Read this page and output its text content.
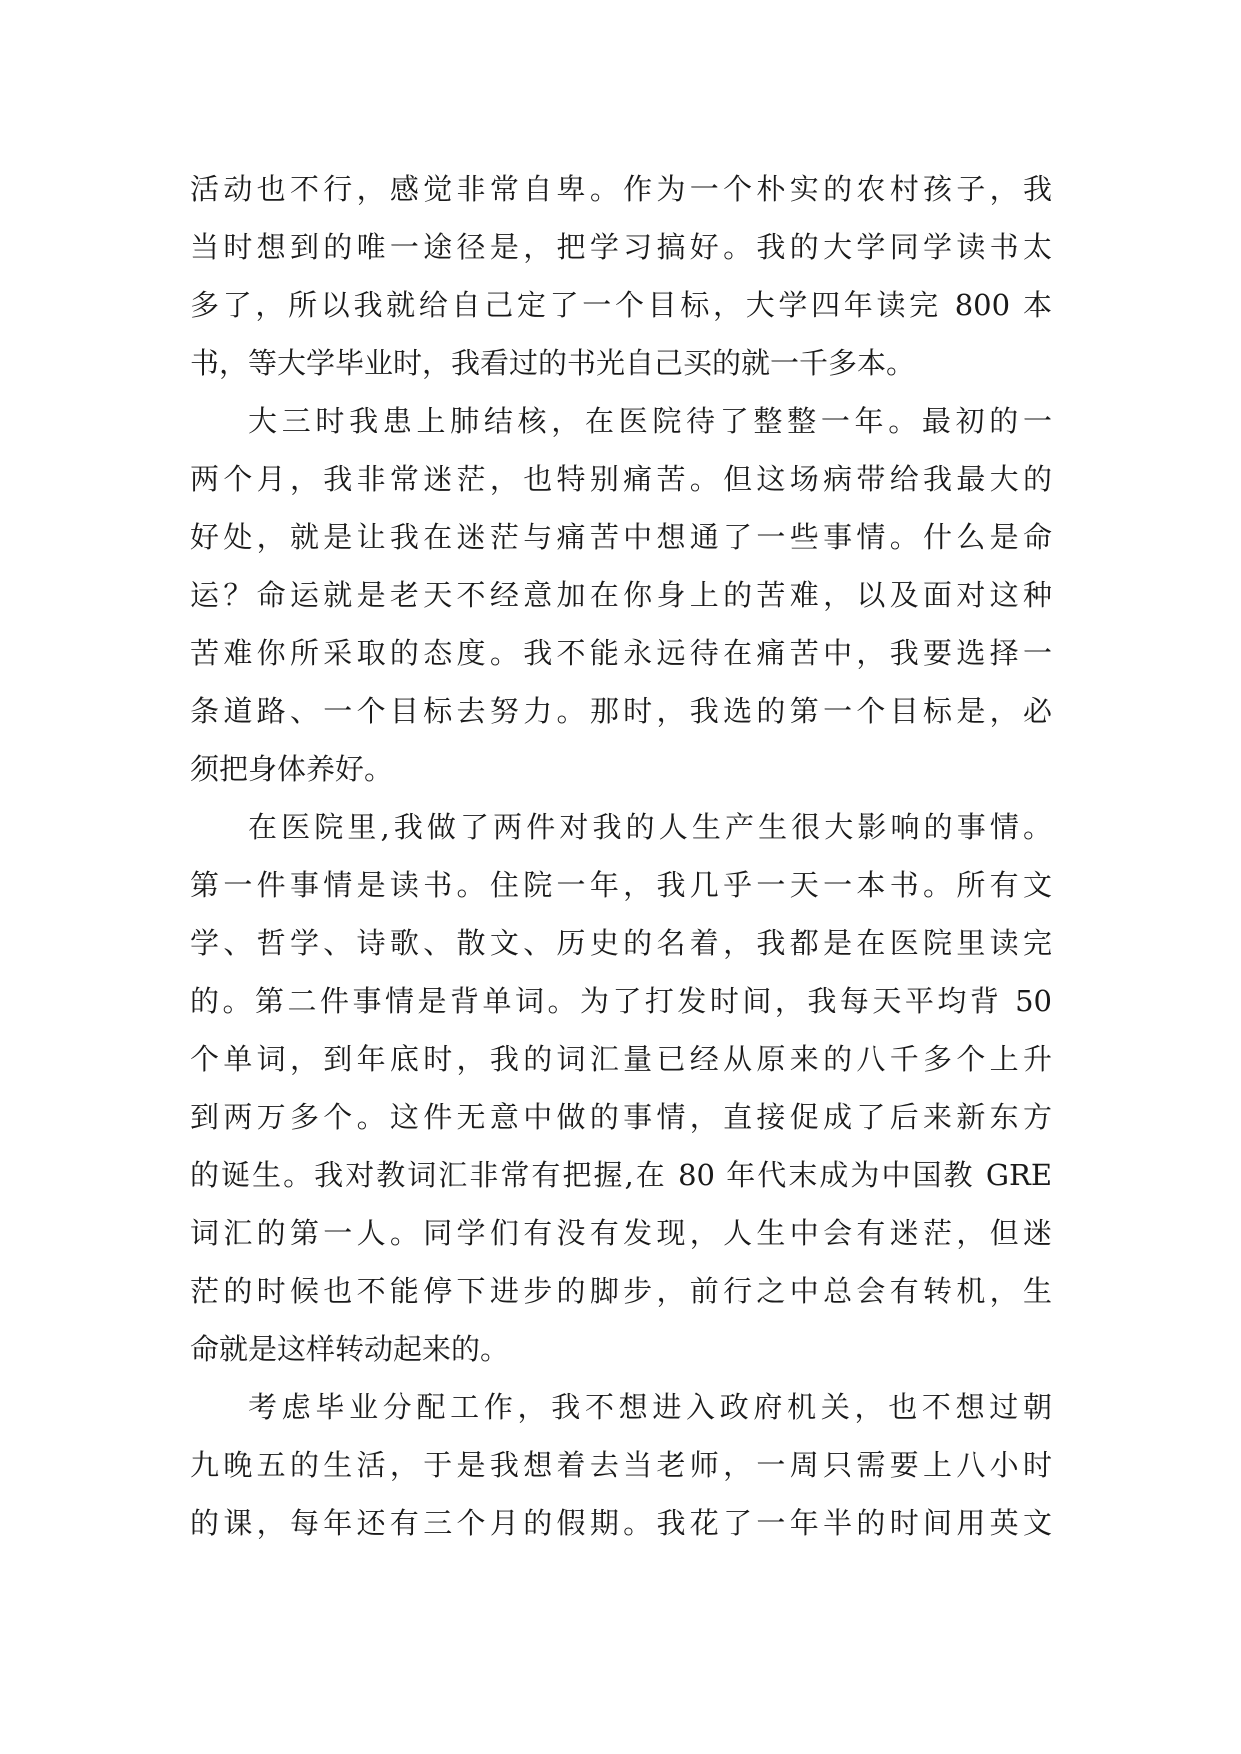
活动也不行，感觉非常自卑。作为一个朴实的农村孩子，我
当时想到的唯一途径是，把学习搞好。我的大学同学读书太
多了，所以我就给自己定了一个目标，大学四年读完 800 本
书，等大学毕业时，我看过的书光自己买的就一千多本。
大三时我患上肺结核，在医院待了整整一年。最初的一
两个月，我非常迷茫，也特别痛苦。但这场病带给我最大的
好处，就是让我在迷茫与痛苦中想通了一些事情。什么是命
运？命运就是老天不经意加在你身上的苦难，以及面对这种
苦难你所采取的态度。我不能永远待在痛苦中，我要选择一
条道路、一个目标去努力。那时，我选的第一个目标是，必
须把身体养好。
在医院里,我做了两件对我的人生产生很大影响的事情。
第一件事情是读书。住院一年，我几乎一天一本书。所有文
学、哲学、诗歌、散文、历史的名着，我都是在医院里读完
的。第二件事情是背单词。为了打发时间，我每天平均背 50
个单词，到年底时，我的词汇量已经从原来的八千多个上升
到两万多个。这件无意中做的事情，直接促成了后来新东方
的诞生。我对教词汇非常有把握,在 80 年代末成为中国教 GRE
词汇的第一人。同学们有没有发现，人生中会有迷茫，但迷
茫的时候也不能停下进步的脚步，前行之中总会有转机，生
命就是这样转动起来的。
考虑毕业分配工作，我不想进入政府机关，也不想过朝
九晚五的生活，于是我想着去当老师，一周只需要上八小时
的课，每年还有三个月的假期。我花了一年半的时间用英文
